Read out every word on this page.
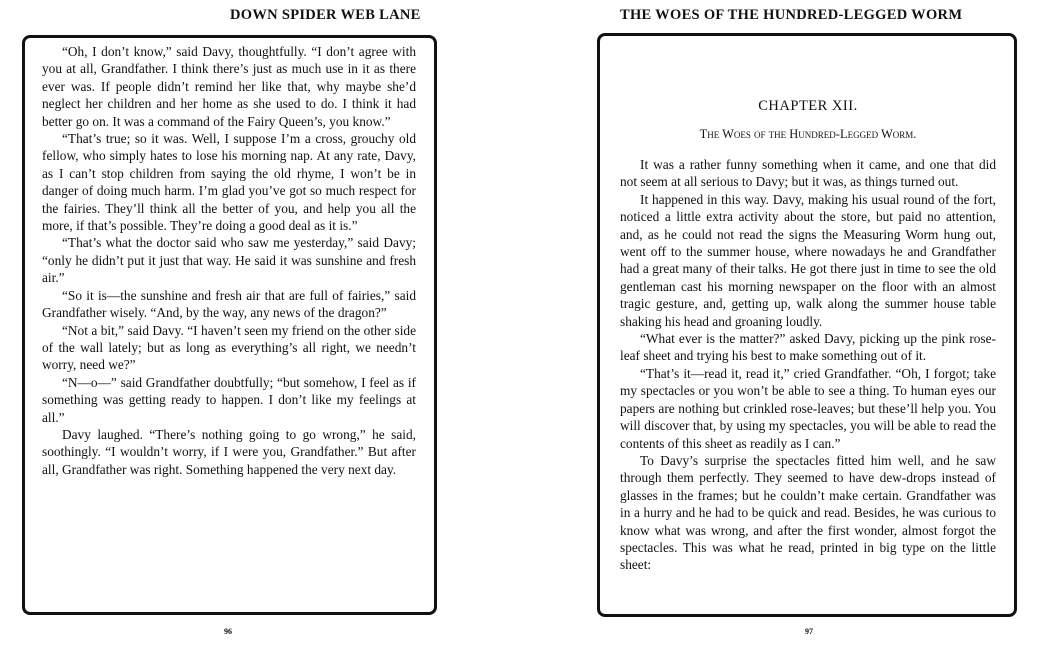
DOWN SPIDER WEB LANE	THE WOES OF THE HUNDRED-LEGGED WORM

“Oh, I don’t know,” said Davy, thoughtfully. “I don’t agree with you at all, Grandfather. I think there’s just as much use in it as there ever was. If people didn’t remind her like that, why maybe she’d neglect her children and her home as she used to do. I think it had better go on. It was a command of the Fairy Queen’s, you know.”

“That’s true; so it was. Well, I suppose I’m a cross, grouchy old fellow, who simply hates to lose his morning nap. At any rate, Davy, as I can’t stop children from saying the old rhyme, I won’t be in danger of doing much harm. I’m glad you’ve got so much respect for the fairies. They’ll think all the better of you, and help you all the more, if that’s possible. They’re doing a good deal as it is.”

“That’s what the doctor said who saw me yesterday,” said Davy; “only he didn’t put it just that way. He said it was sunshine and fresh air.”

“So it is—the sunshine and fresh air that are full of fairies,” said Grandfather wisely. “And, by the way, any news of the dragon?”

“Not a bit,” said Davy. “I haven’t seen my friend on the other side of the wall lately; but as long as everything’s all right, we needn’t worry, need we?”

“N—o—” said Grandfather doubtfully; “but somehow, I feel as if something was getting ready to happen. I don’t like my feelings at all.”

Davy laughed. “There’s nothing going to go wrong,” he said, soothingly. “I wouldn’t worry, if I were you, Grandfather.” But after all, Grandfather was right. Something happened the very next day.

CHAPTER XII.
The Woes of the Hundred-Legged Worm.

It was a rather funny something when it came, and one that did not seem at all serious to Davy; but it was, as things turned out.

It happened in this way. Davy, making his usual round of the fort, noticed a little extra activity about the store, but paid no attention, and, as he could not read the signs the Measuring Worm hung out, went off to the summer house, where nowadays he and Grandfather had a great many of their talks. He got there just in time to see the old gentleman cast his morning newspaper on the floor with an almost tragic gesture, and, getting up, walk along the summer house table shaking his head and groaning loudly.

“What ever is the matter?” asked Davy, picking up the pink rose-leaf sheet and trying his best to make something out of it.

“That’s it—read it, read it,” cried Grandfather. “Oh, I forgot; take my spectacles or you won’t be able to see a thing. To human eyes our papers are nothing but crinkled rose-leaves; but these’ll help you. You will discover that, by using my spectacles, you will be able to read the contents of this sheet as readily as I can.”

To Davy’s surprise the spectacles fitted him well, and he saw through them perfectly. They seemed to have dew-drops instead of glasses in the frames; but he couldn’t make certain. Grandfather was in a hurry and he had to be quick and read. Besides, he was curious to know what was wrong, and after the first wonder, almost forgot the spectacles. This was what he read, printed in big type on the little sheet:

96	97
